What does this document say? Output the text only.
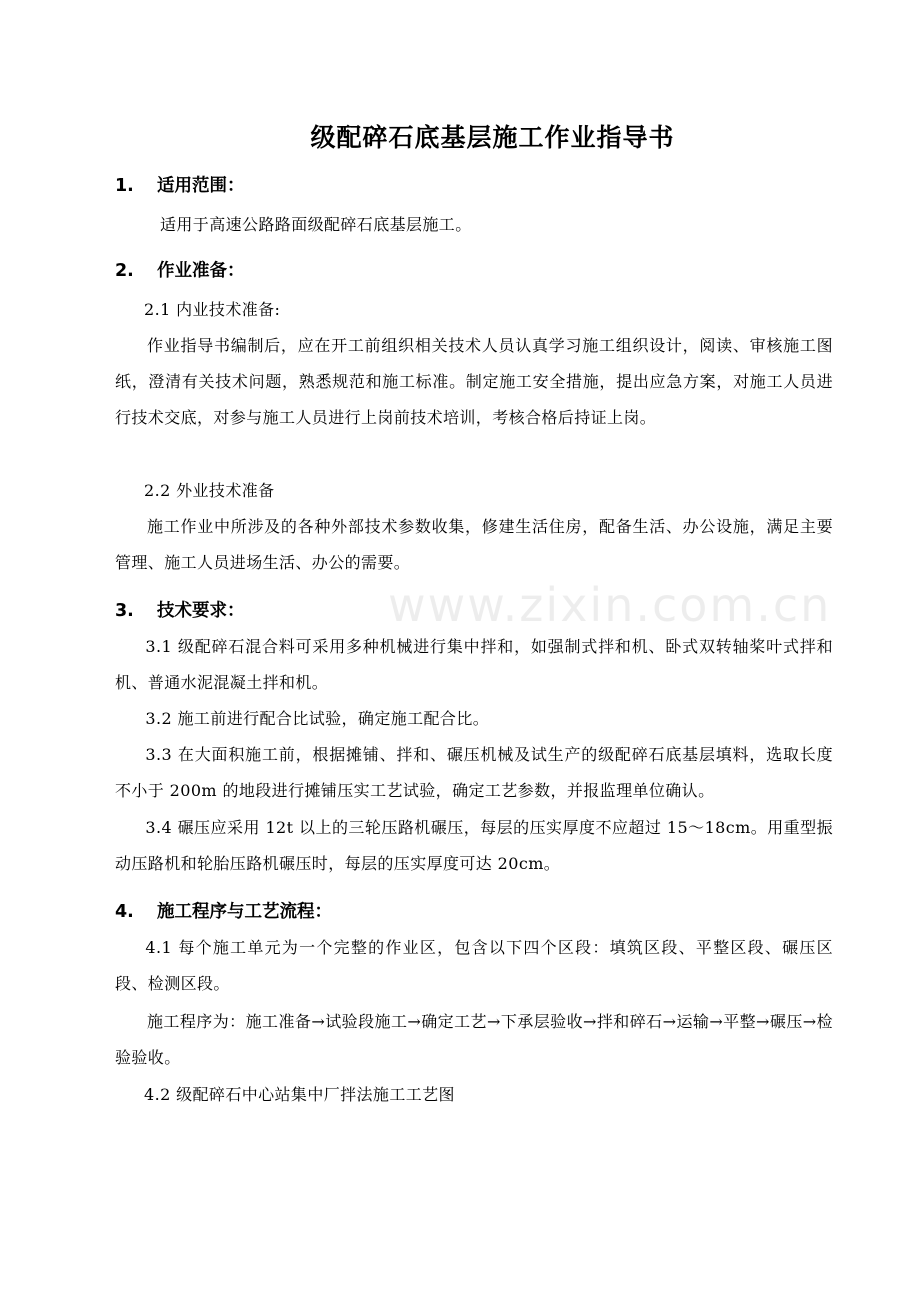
www.zixin.com.cn
级配碎石底基层施工作业指导书
1. 适用范围：

适用于高速公路路面级配碎石底基层施工。

2. 作业准备：

2.1 内业技术准备:

作业指导书编制后，应在开工前组织相关技术人员认真学习施工组织设计，阅读、审核施工图纸，澄清有关技术问题，熟悉规范和施工标准。制定施工安全措施，提出应急方案，对施工人员进行技术交底，对参与施工人员进行上岗前技术培训，考核合格后持证上岗。

2.2 外业技术准备

施工作业中所涉及的各种外部技术参数收集，修建生活住房，配备生活、办公设施，满足主要管理、施工人员进场生活、办公的需要。

3. 技术要求：

3.1 级配碎石混合料可采用多种机械进行集中拌和，如强制式拌和机、卧式双转轴桨叶式拌和机、普通水泥混凝土拌和机。

3.2 施工前进行配合比试验，确定施工配合比。

3.3 在大面积施工前，根据摊铺、拌和、碾压机械及试生产的级配碎石底基层填料，选取长度不小于 200m 的地段进行摊铺压实工艺试验，确定工艺参数，并报监理单位确认。

3.4 碾压应采用 12t 以上的三轮压路机碾压，每层的压实厚度不应超过 15～18cm。用重型振动压路机和轮胎压路机碾压时，每层的压实厚度可达 20cm。

4. 施工程序与工艺流程：

4.1 每个施工单元为一个完整的作业区，包含以下四个区段：填筑区段、平整区段、碾压区段、检测区段。

施工程序为：施工准备→试验段施工→确定工艺→下承层验收→拌和碎石→运输→平整→碾压→检验验收。

4.2 级配碎石中心站集中厂拌法施工工艺图
